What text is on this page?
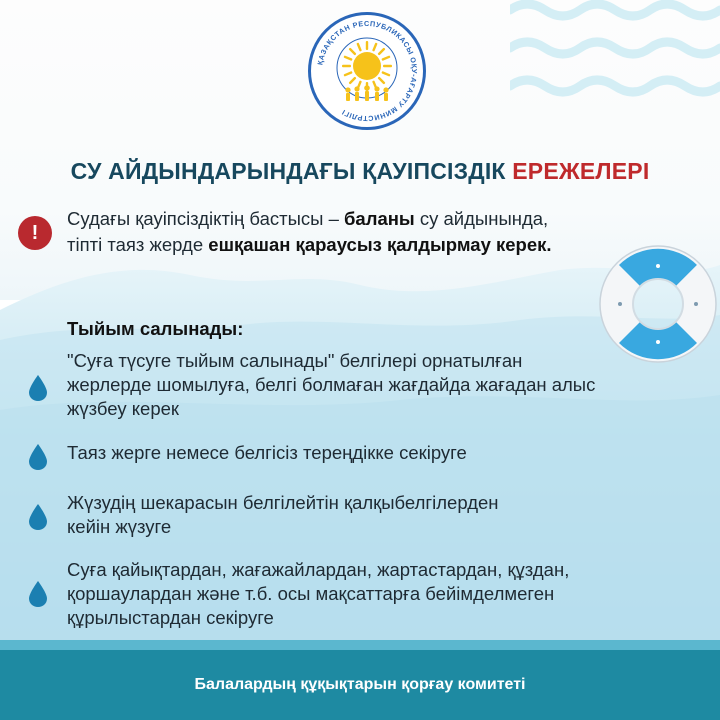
ҚАЗАҚСТАН РЕСПУБЛИКАСЫ ОҚУ-АҒАРТУ МИНИСТРЛІГІ
СУ АЙДЫНДАРЫНДАҒЫ ҚАУІПСІЗДІК ЕРЕЖЕЛЕРІ
!
Судағы қауіпсіздіктің бастысы – баланы су айдынында,
тіпті таяз жерде ешқашан қараусыз қалдырмау керек.
Тыйым салынады:
"Суға түсуге тыйым салынады" белгілері орнатылған
жерлерде шомылуға, белгі болмаған жағдайда жағадан алыс
жүзбеу керек
Таяз жерге немесе белгісіз тереңдікке секіруге
Жүзудің шекарасын белгілейтін қалқыбелгілерден
кейін жүзуге
Суға қайықтардан, жағажайлардан, жартастардан, құздан,
қоршаулардан және т.б. осы мақсаттарға бейімделмеген
құрылыстардан секіруге
Балалардың құқықтарын қорғау комитеті
